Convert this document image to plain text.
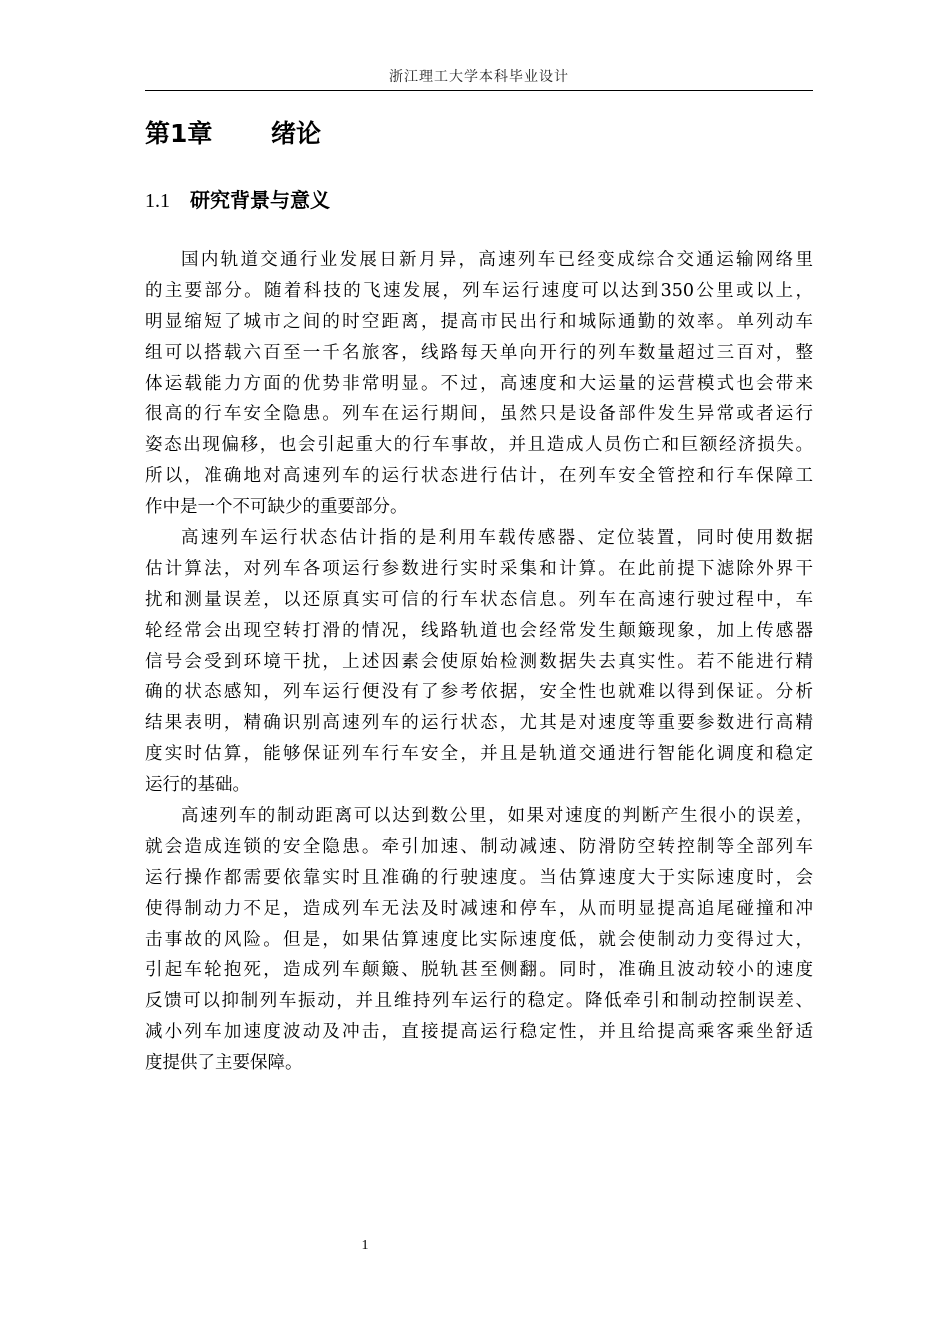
浙江理工大学本科毕业设计
第1章 绪论
1.1 研究背景与意义
国内轨道交通行业发展日新月异，高速列车已经变成综合交通运输网络里
的主要部分。随着科技的飞速发展，列车运行速度可以达到350公里或以上，
明显缩短了城市之间的时空距离，提高市民出行和城际通勤的效率。单列动车
组可以搭载六百至一千名旅客，线路每天单向开行的列车数量超过三百对，整
体运载能力方面的优势非常明显。不过，高速度和大运量的运营模式也会带来
很高的行车安全隐患。列车在运行期间，虽然只是设备部件发生异常或者运行
姿态出现偏移，也会引起重大的行车事故，并且造成人员伤亡和巨额经济损失。
所以，准确地对高速列车的运行状态进行估计，在列车安全管控和行车保障工
作中是一个不可缺少的重要部分。
高速列车运行状态估计指的是利用车载传感器、定位装置，同时使用数据
估计算法，对列车各项运行参数进行实时采集和计算。在此前提下滤除外界干
扰和测量误差，以还原真实可信的行车状态信息。列车在高速行驶过程中，车
轮经常会出现空转打滑的情况，线路轨道也会经常发生颠簸现象，加上传感器
信号会受到环境干扰，上述因素会使原始检测数据失去真实性。若不能进行精
确的状态感知，列车运行便没有了参考依据，安全性也就难以得到保证。分析
结果表明，精确识别高速列车的运行状态，尤其是对速度等重要参数进行高精
度实时估算，能够保证列车行车安全，并且是轨道交通进行智能化调度和稳定
运行的基础。
高速列车的制动距离可以达到数公里，如果对速度的判断产生很小的误差，
就会造成连锁的安全隐患。牵引加速、制动减速、防滑防空转控制等全部列车
运行操作都需要依靠实时且准确的行驶速度。当估算速度大于实际速度时，会
使得制动力不足，造成列车无法及时减速和停车，从而明显提高追尾碰撞和冲
击事故的风险。但是，如果估算速度比实际速度低，就会使制动力变得过大，
引起车轮抱死，造成列车颠簸、脱轨甚至侧翻。同时，准确且波动较小的速度
反馈可以抑制列车振动，并且维持列车运行的稳定。降低牵引和制动控制误差、
减小列车加速度波动及冲击，直接提高运行稳定性，并且给提高乘客乘坐舒适
度提供了主要保障。
1
